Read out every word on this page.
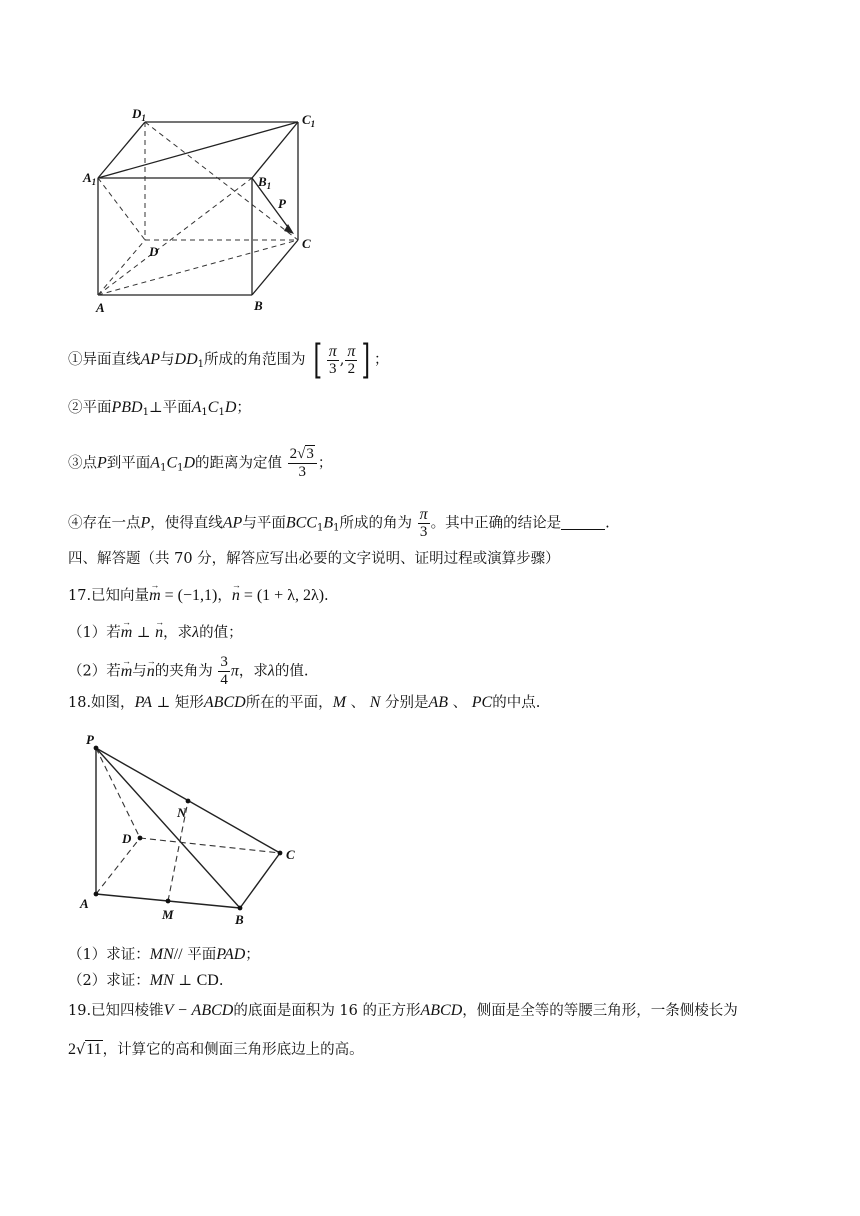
$D_1$	$C_1$
$A_1$	$B_1$
D
C
A	B
P
①异面直线AP与$DD_1$所成的角范围为 [ $\frac{\pi}{3}$ , $\frac{\pi}{2}$ ] ；
②平面$PBD_1\perp$平面$A_1C_1D$；
③点P到平面$A_1C_1D$的距离为定值 $\frac{2√3}{3}$ ；
④存在一点P，使得直线AP与平面$BCC_1B_1$所成的角为 $\frac{\pi}{3}$ 。其中正确的结论是	.
四、解答题（共 70 分，解答应写出必要的文字说明、证明过程或演算步骤）
17.已知向量→ m = (−1,1)，→ n = (1 + λ, 2λ).
（1）若→ m ⊥ → n，求λ的值；
（2）若→ m与→ n的夹角为 $\frac{3}{4}$ π，求λ的值.
18.如图，PA ⊥ 矩形ABCD所在的平面，M 、 N 分别是AB 、 PC的中点.
P
A
B
C
D
M
N
（1）求证：MN// 平面PAD；
（2）求证：MN ⊥ CD.
19.已知四棱锥V − ABCD的底面是面积为 16 的正方形ABCD，侧面是全等的等腰三角形，一条侧棱长为
2√11，计算它的高和侧面三角形底边上的高。
